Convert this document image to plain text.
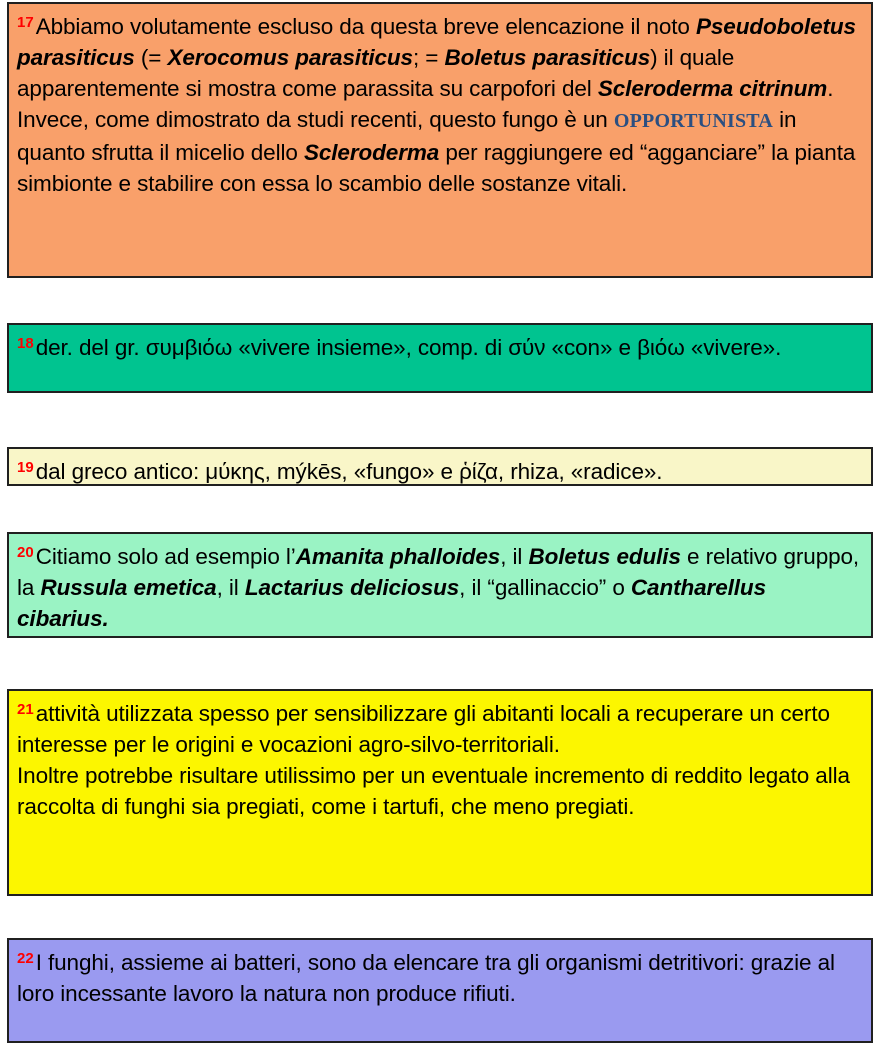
$^{17}$Abbiamo volutamente escluso da questa breve elencazione il noto Pseudoboletus parasiticus (= Xerocomus parasiticus; = Boletus parasiticus) il quale apparentemente si mostra come parassita su carpofori del Scleroderma citrinum.

Invece, come dimostrato da studi recenti, questo fungo è un OPPORTUNISTA in quanto sfrutta il micelio dello Scleroderma per raggiungere ed “agganciare” la pianta simbionte e stabilire con essa lo scambio delle sostanze vitali.

$^{18}$der. del gr. συμβιόω «vivere insieme», comp. di σύν «con» e βιόω «vivere».

$^{19}$dal greco antico: μύκης, mýkēs, «fungo» e ῥίζα, rhiza, «radice».

$^{20}$Citiamo solo ad esempio l’Amanita phalloides, il Boletus edulis e relativo gruppo, la Russula emetica, il Lactarius deliciosus, il “gallinaccio” o Cantharellus cibarius.

$^{21}$attività utilizzata spesso per sensibilizzare gli abitanti locali a recuperare un certo interesse per le origini e vocazioni agro-silvo-territoriali.

Inoltre potrebbe risultare utilissimo per un eventuale incremento di reddito legato alla raccolta di funghi sia pregiati, come i tartufi, che meno pregiati.

$^{22}$I funghi, assieme ai batteri, sono da elencare tra gli organismi detritivori: grazie al loro incessante lavoro la natura non produce rifiuti.
